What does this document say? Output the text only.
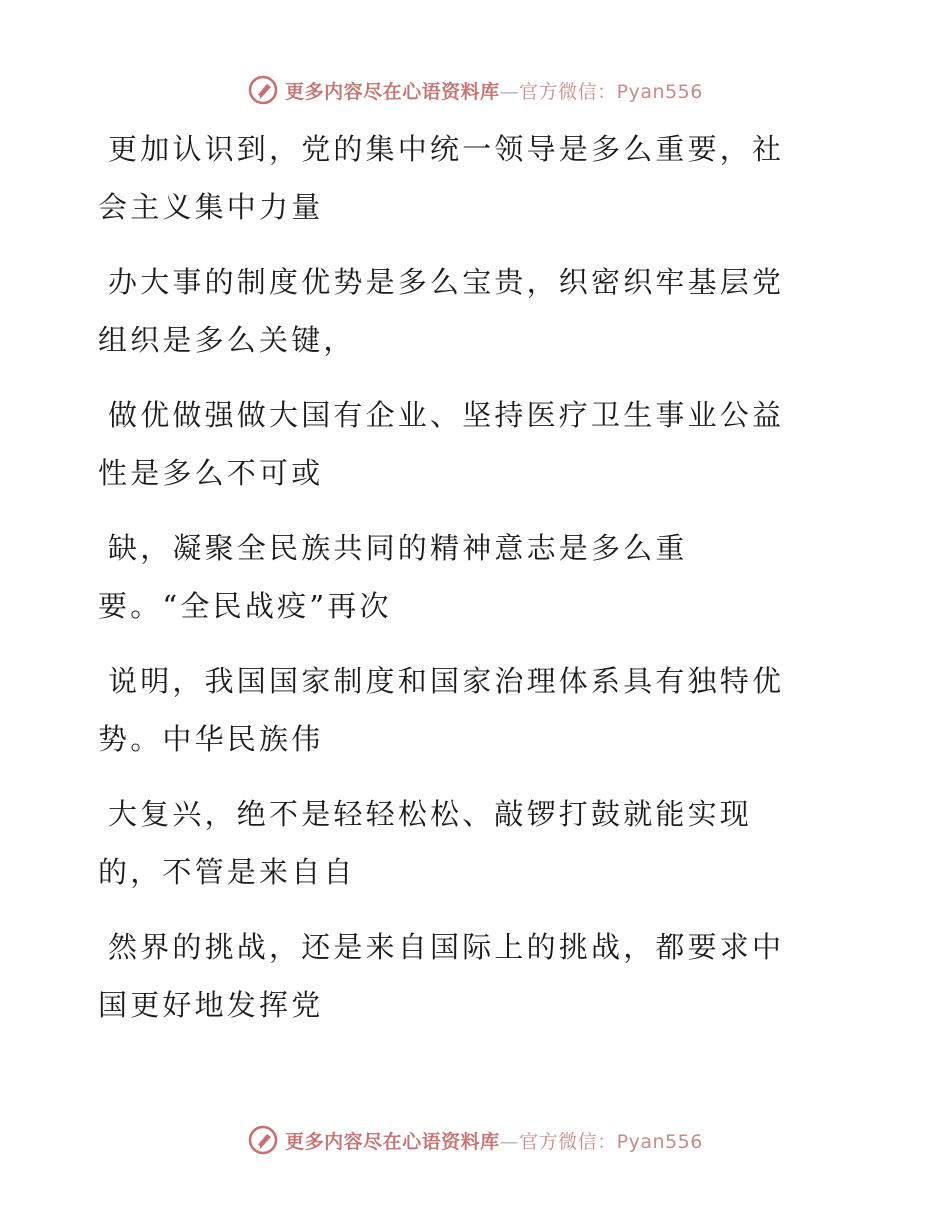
更多内容尽在心语资料库—官方微信：Pyan556

更加认识到，党的集中统一领导是多么重要，社
会主义集中力量

办大事的制度优势是多么宝贵，织密织牢基层党
组织是多么关键，

做优做强做大国有企业、坚持医疗卫生事业公益
性是多么不可或

缺，凝聚全民族共同的精神意志是多么重
要。“全民战疫”再次

说明，我国国家制度和国家治理体系具有独特优
势。中华民族伟

大复兴，绝不是轻轻松松、敲锣打鼓就能实现
的，不管是来自自

然界的挑战，还是来自国际上的挑战，都要求中
国更好地发挥党

更多内容尽在心语资料库—官方微信：Pyan556
